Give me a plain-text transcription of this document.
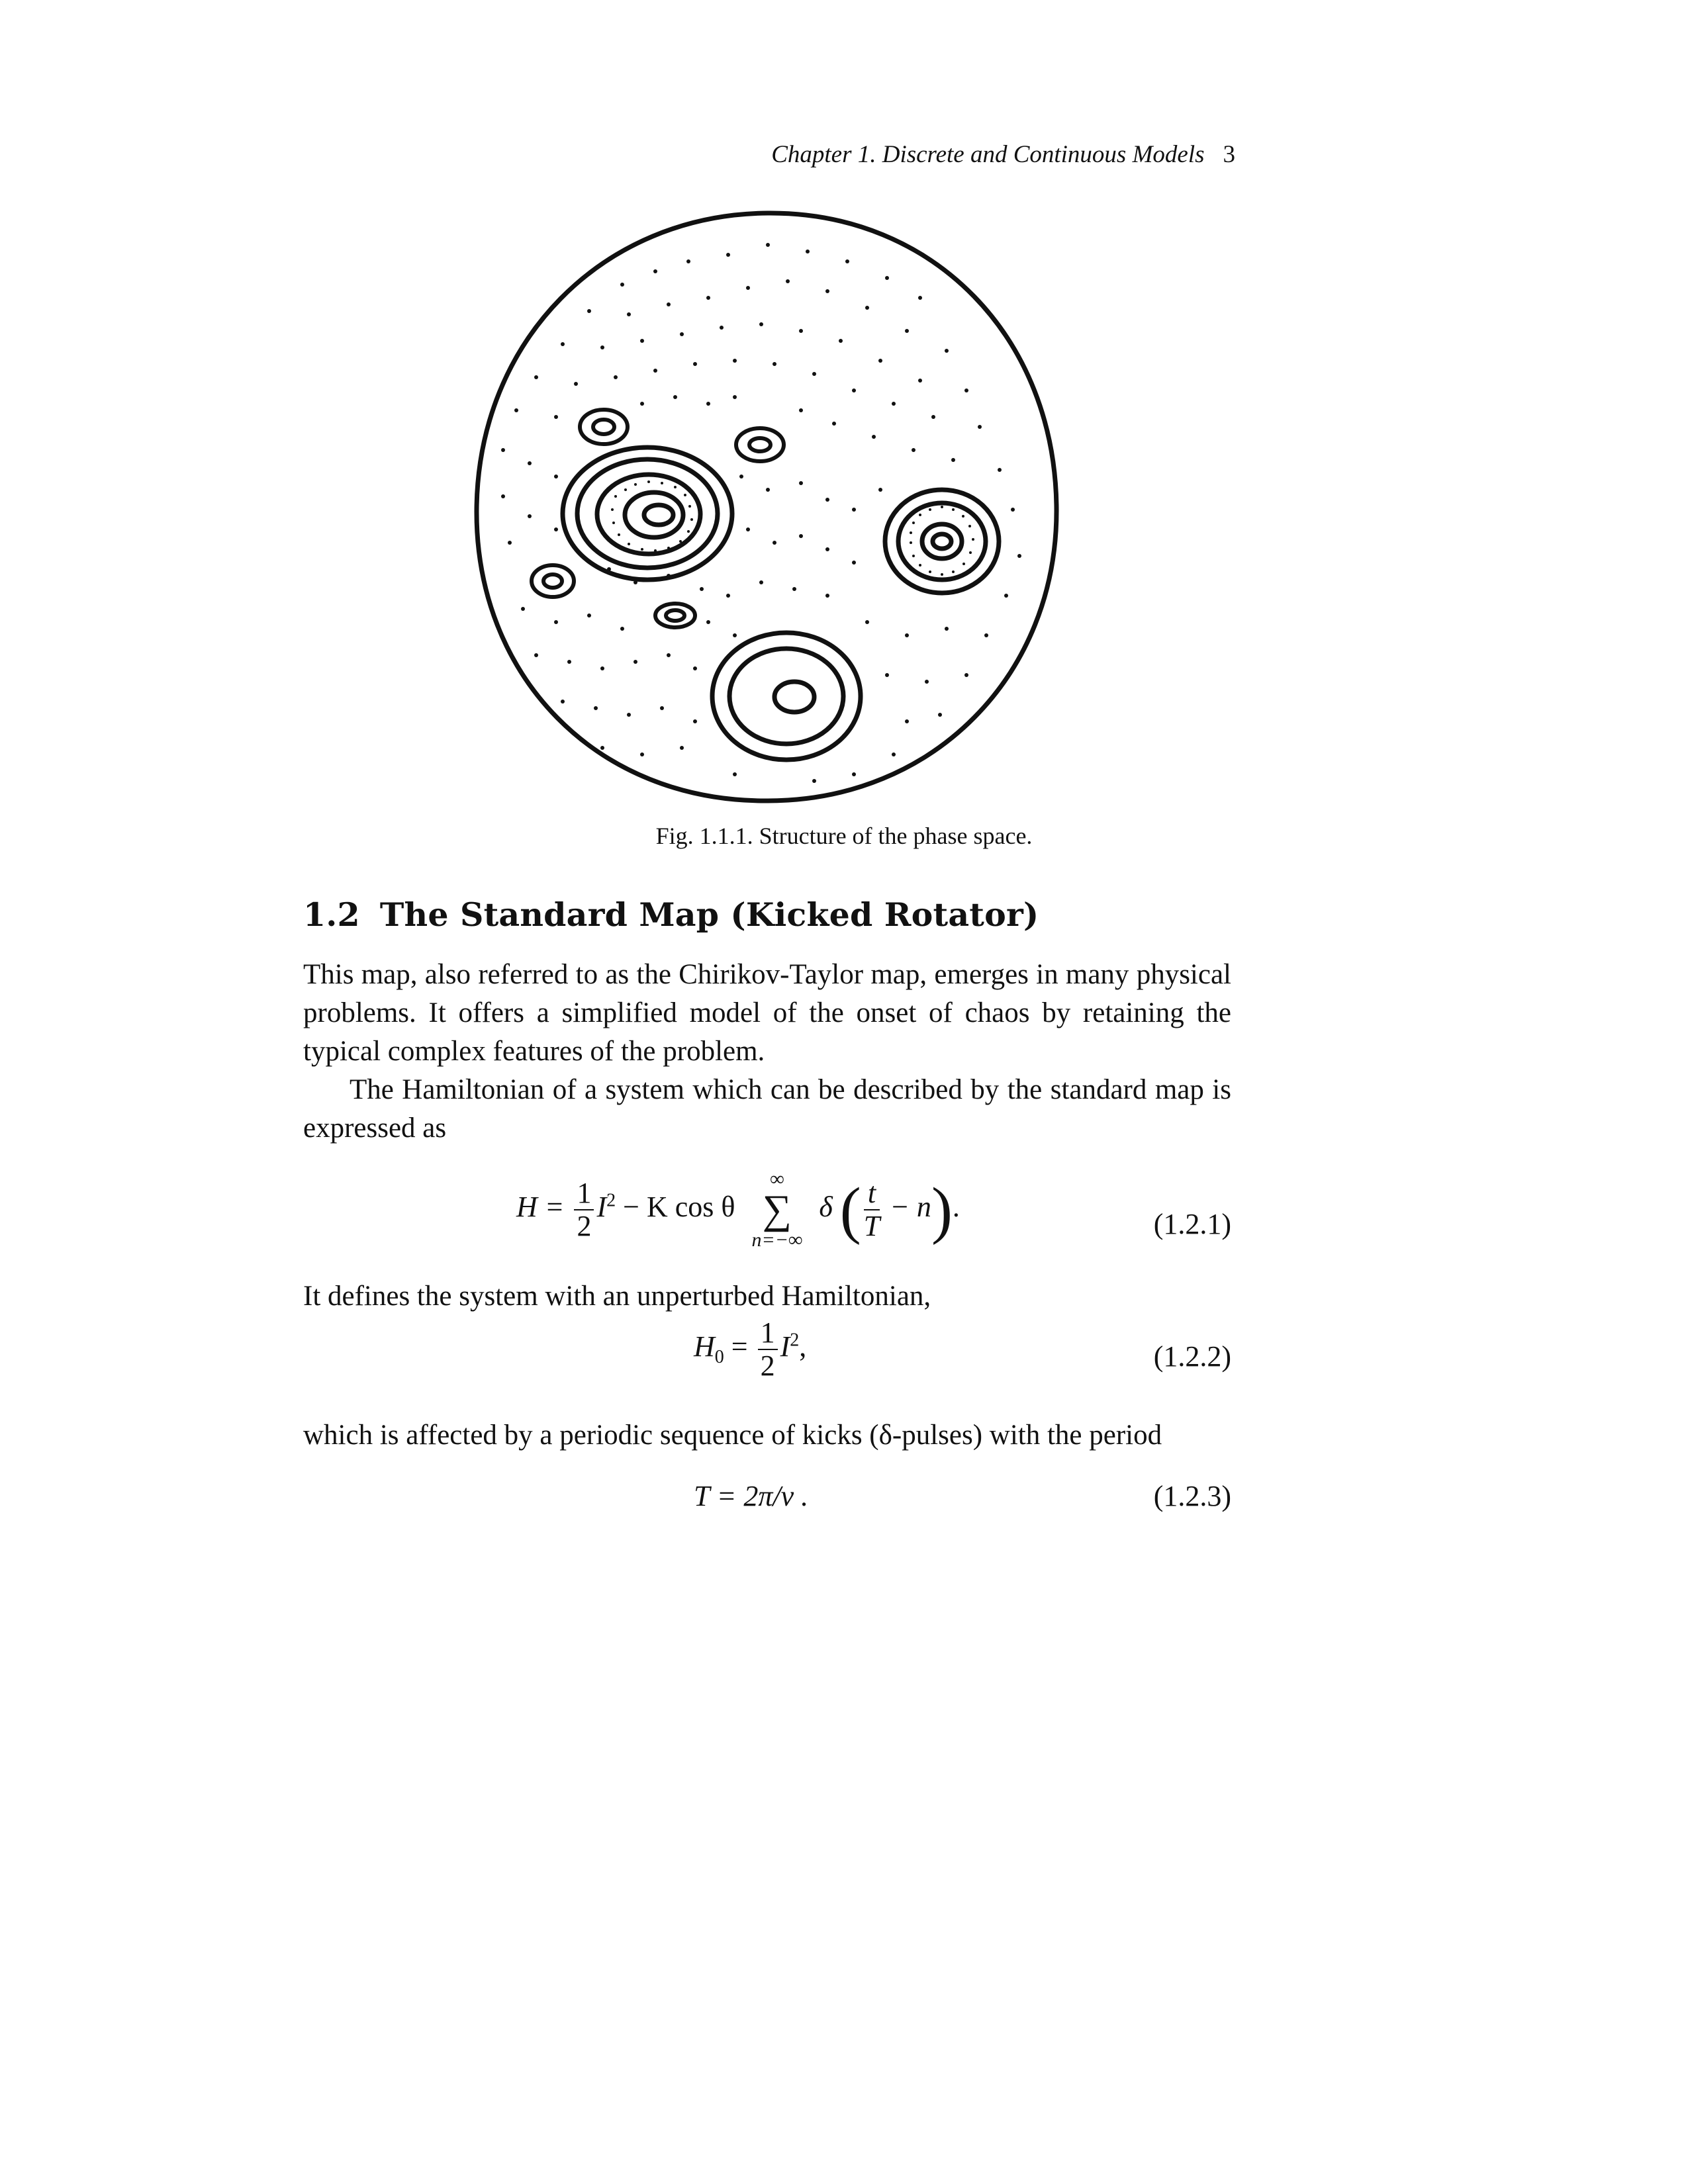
Chapter 1. Discrete and Continuous Models 3
Fig. 1.1.1. Structure of the phase space.
1.2 The Standard Map (Kicked Rotator)
This map, also referred to as the Chirikov-Taylor map, emerges in many physical problems. It offers a simplified model of the onset of chaos by retaining the typical complex features of the problem.
The Hamiltonian of a system which can be described by the standard map is expressed as
$H = \frac{1}{2} I^2 - K$ cos θ
∞
∑
n=−∞
δ ( $\frac{t}{T} - n$).
(1.2.1)
It defines the system with an unperturbed Hamiltonian,
$H_0 = \frac{1}{2} I^2$,	(1.2.2)
which is affected by a periodic sequence of kicks (δ-pulses) with the period
T = 2π/ν .	(1.2.3)
